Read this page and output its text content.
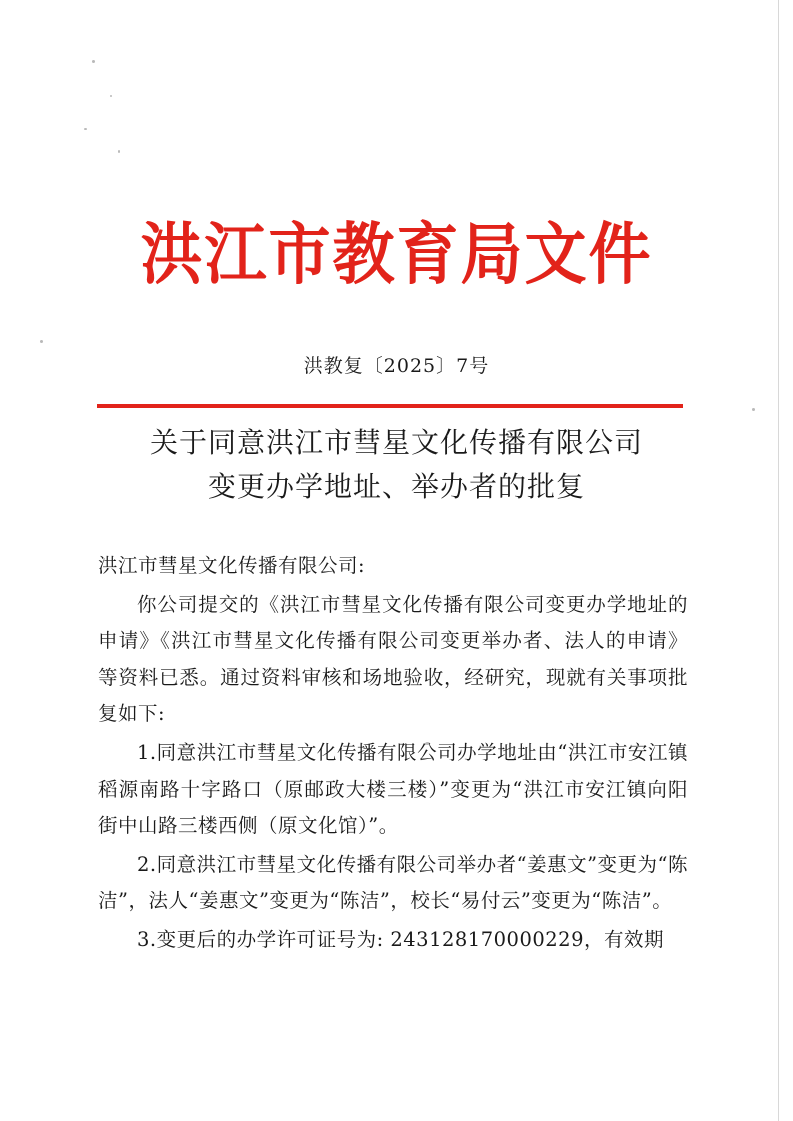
洪江市教育局文件
洪教复〔2025〕7号
关于同意洪江市彗星文化传播有限公司
变更办学地址、举办者的批复

洪江市彗星文化传播有限公司:

你公司提交的《洪江市彗星文化传播有限公司变更办学地址的申请》《洪江市彗星文化传播有限公司变更举办者、法人的申请》等资料已悉。通过资料审核和场地验收，经研究，现就有关事项批复如下:

1.同意洪江市彗星文化传播有限公司办学地址由“洪江市安江镇稻源南路十字路口（原邮政大楼三楼）”变更为“洪江市安江镇向阳街中山路三楼西侧（原文化馆）”。

2.同意洪江市彗星文化传播有限公司举办者“姜惠文”变更为“陈洁”，法人“姜惠文”变更为“陈洁”，校长“易付云”变更为“陈洁”。

3.变更后的办学许可证号为: 243128170000229，有效期
